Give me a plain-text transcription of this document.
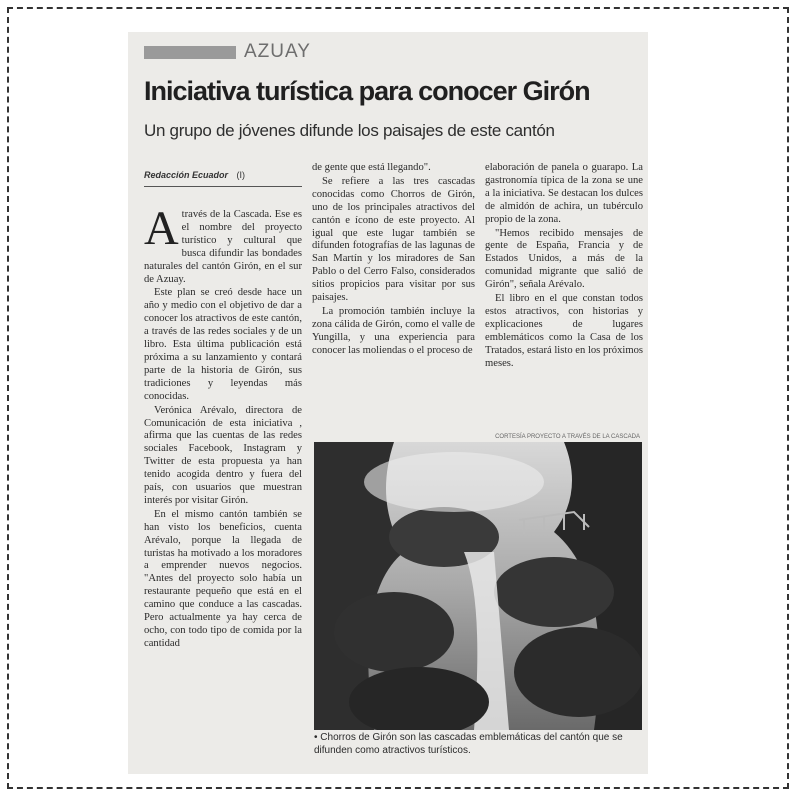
AZUAY
Iniciativa turística para conocer Girón
Un grupo de jóvenes difunde los paisajes de este cantón
Redacción Ecuador (I)

Através de la Cascada. Ese es el nombre del proyecto turístico y cultural que busca difundir las bondades naturales del cantón Girón, en el sur de Azuay.

Este plan se creó desde hace un año y medio con el objetivo de dar a conocer los atractivos de este cantón, a través de las redes sociales y de un libro. Esta última publicación está próxima a su lanzamiento y contará parte de la historia de Girón, sus tradiciones y leyendas más conocidas.

Verónica Arévalo, directora de Comunicación de esta iniciativa , afirma que las cuentas de las redes sociales Facebook, Instagram y Twitter de esta propuesta ya han tenido acogida dentro y fuera del país, con usuarios que muestran interés por visitar Girón.

En el mismo cantón también se han visto los beneficios, cuenta Arévalo, porque la llegada de turistas ha motivado a los moradores a emprender nuevos negocios. "Antes del proyecto solo había un restaurante pequeño que está en el camino que conduce a las cascadas. Pero actualmente ya hay cerca de ocho, con todo tipo de comida por la cantidad

de gente que está llegando".

Se refiere a las tres cascadas conocidas como Chorros de Girón, uno de los principales atractivos del cantón e ícono de este proyecto. Al igual que este lugar también se difunden fotografías de las lagunas de San Martín y los miradores de San Pablo o del Cerro Falso, considerados sitios propicios para visitar por sus paisajes.

La promoción también incluye la zona cálida de Girón, como el valle de Yungilla, y una experiencia para conocer las moliendas o el proceso de

elaboración de panela o guarapo. La gastronomía típica de la zona se une a la iniciativa. Se destacan los dulces de almidón de achira, un tubérculo propio de la zona.

"Hemos recibido mensajes de gente de España, Francia y de Estados Unidos, a más de la comunidad migrante que salió de Girón", señala Arévalo.

El libro en el que constan todos estos atractivos, con historias y explicaciones de lugares emblemáticos como la Casa de los Tratados, estará listo en los próximos meses.

CORTESÍA PROYECTO A TRAVÉS DE LA CASCADA
• Chorros de Girón son las cascadas emblemáticas del cantón que se difunden como atractivos turísticos.
